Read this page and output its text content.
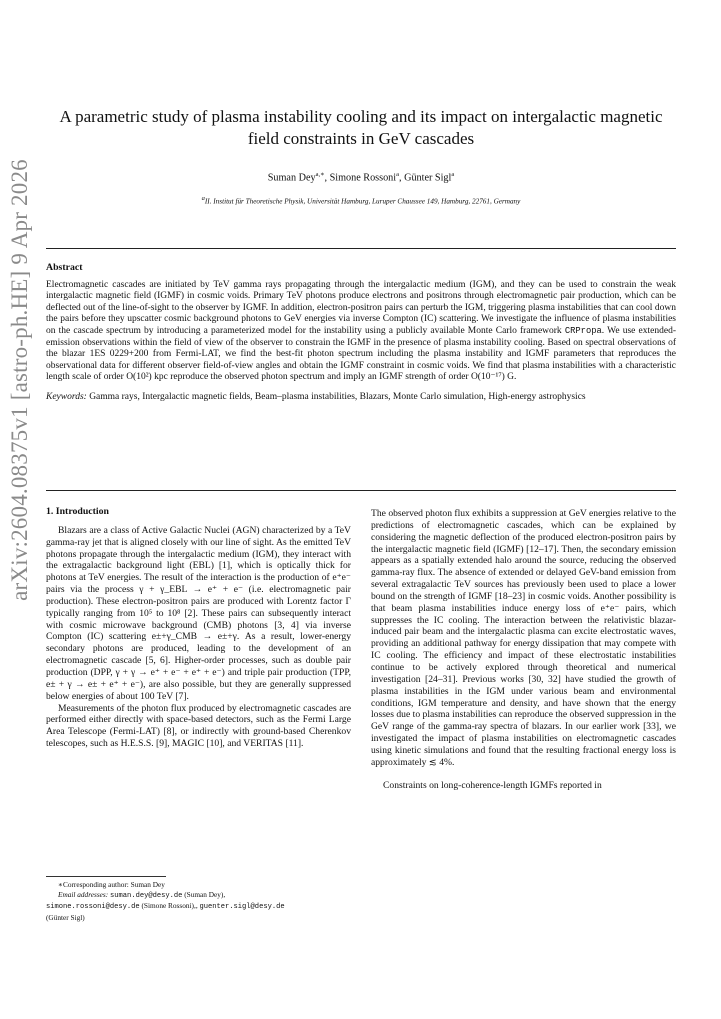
arXiv:2604.08375v1 [astro-ph.HE] 9 Apr 2026
A parametric study of plasma instability cooling and its impact on intergalactic magnetic
field constraints in GeV cascades
Suman Dey$^{a,∗}$, Simone Rossoni$^a$, Günter Sigl$^a$
$^a$II. Institut für Theoretische Physik, Universität Hamburg, Luruper Chaussee 149, Hamburg, 22761, Germany
Abstract

Electromagnetic cascades are initiated by TeV gamma rays propagating through the intergalactic medium (IGM), and they can be used to constrain the weak intergalactic magnetic field (IGMF) in cosmic voids. Primary TeV photons produce electrons and positrons through electromagnetic pair production, which can be deflected out of the line-of-sight to the observer by IGMF. In addition, electron-positron pairs can perturb the IGM, triggering plasma instabilities that can cool down the pairs before they upscatter cosmic background photons to GeV energies via inverse Compton (IC) scattering. We investigate the influence of plasma instabilities on the cascade spectrum by introducing a parameterized model for the instability using a publicly available Monte Carlo framework CRPropa. We use extended-emission observations within the field of view of the observer to constrain the IGMF in the presence of plasma instability cooling. Based on spectral observations of the blazar 1ES 0229+200 from Fermi-LAT, we find the best-fit photon spectrum including the plasma instability and IGMF parameters that reproduces the observational data for different observer field-of-view angles and obtain the IGMF constraint in cosmic voids. We find that plasma instabilities with a characteristic length scale of order O(10²) kpc reproduce the observed photon spectrum and imply an IGMF strength of order O(10⁻¹⁷) G.

Keywords: Gamma rays, Intergalactic magnetic fields, Beam–plasma instabilities, Blazars, Monte Carlo simulation, High-energy astrophysics

1. Introduction

Blazars are a class of Active Galactic Nuclei (AGN) characterized by a TeV gamma-ray jet that is aligned closely with our line of sight. As the emitted TeV photons propagate through the intergalactic medium (IGM), they interact with the extragalactic background light (EBL) [1], which is optically thick for photons at TeV energies. The result of the interaction is the production of e⁺e⁻ pairs via the process γ + γ_EBL → e⁺ + e⁻ (i.e. electromagnetic pair production). These electron-positron pairs are produced with Lorentz factor Γ typically ranging from 10⁵ to 10⁸ [2]. These pairs can subsequently interact with cosmic microwave background (CMB) photons [3, 4] via inverse Compton (IC) scattering e±+γ_CMB → e±+γ. As a result, lower-energy secondary photons are produced, leading to the development of an electromagnetic cascade [5, 6]. Higher-order processes, such as double pair production (DPP, γ + γ → e⁺ + e⁻ + e⁺ + e⁻) and triple pair production (TPP, e± + γ → e± + e⁺ + e⁻), are also possible, but they are generally suppressed below energies of about 100 TeV [7].

Measurements of the photon flux produced by electromagnetic cascades are performed either directly with space-based detectors, such as the Fermi Large Area Telescope (Fermi-LAT) [8], or indirectly with ground-based Cherenkov telescopes, such as H.E.S.S. [9], MAGIC [10], and VERITAS [11].

∗Corresponding author: Suman Dey

Email addresses: suman.dey@desy.de (Suman Dey),

simone.rossoni@desy.de (Simone Rossoni),, guenter.sigl@desy.de

(Günter Sigl)

The observed photon flux exhibits a suppression at GeV energies relative to the predictions of electromagnetic cascades, which can be explained by considering the magnetic deflection of the produced electron-positron pairs by the intergalactic magnetic field (IGMF) [12–17]. Then, the secondary emission appears as a spatially extended halo around the source, reducing the observed gamma-ray flux. The absence of extended or delayed GeV-band emission from several extragalactic TeV sources has previously been used to place a lower bound on the strength of IGMF [18–23] in cosmic voids. Another possibility is that beam plasma instabilities induce energy loss of e⁺e⁻ pairs, which suppresses the IC cooling. The interaction between the relativistic blazar-induced pair beam and the intergalactic plasma can excite electrostatic waves, providing an additional pathway for energy dissipation that may compete with IC cooling. The efficiency and impact of these electrostatic instabilities continue to be actively explored through theoretical and numerical investigation [24–31]. Previous works [30, 32] have studied the growth of plasma instabilities in the IGM under various beam and environmental conditions, IGM temperature and density, and have shown that the energy losses due to plasma instabilities can reproduce the observed suppression in the GeV range of the gamma-ray spectra of blazars. In our earlier work [33], we investigated the impact of plasma instabilities on electromagnetic cascades using kinetic simulations and found that the resulting fractional energy loss is approximately ≲ 4%.

Constraints on long-coherence-length IGMFs reported in
